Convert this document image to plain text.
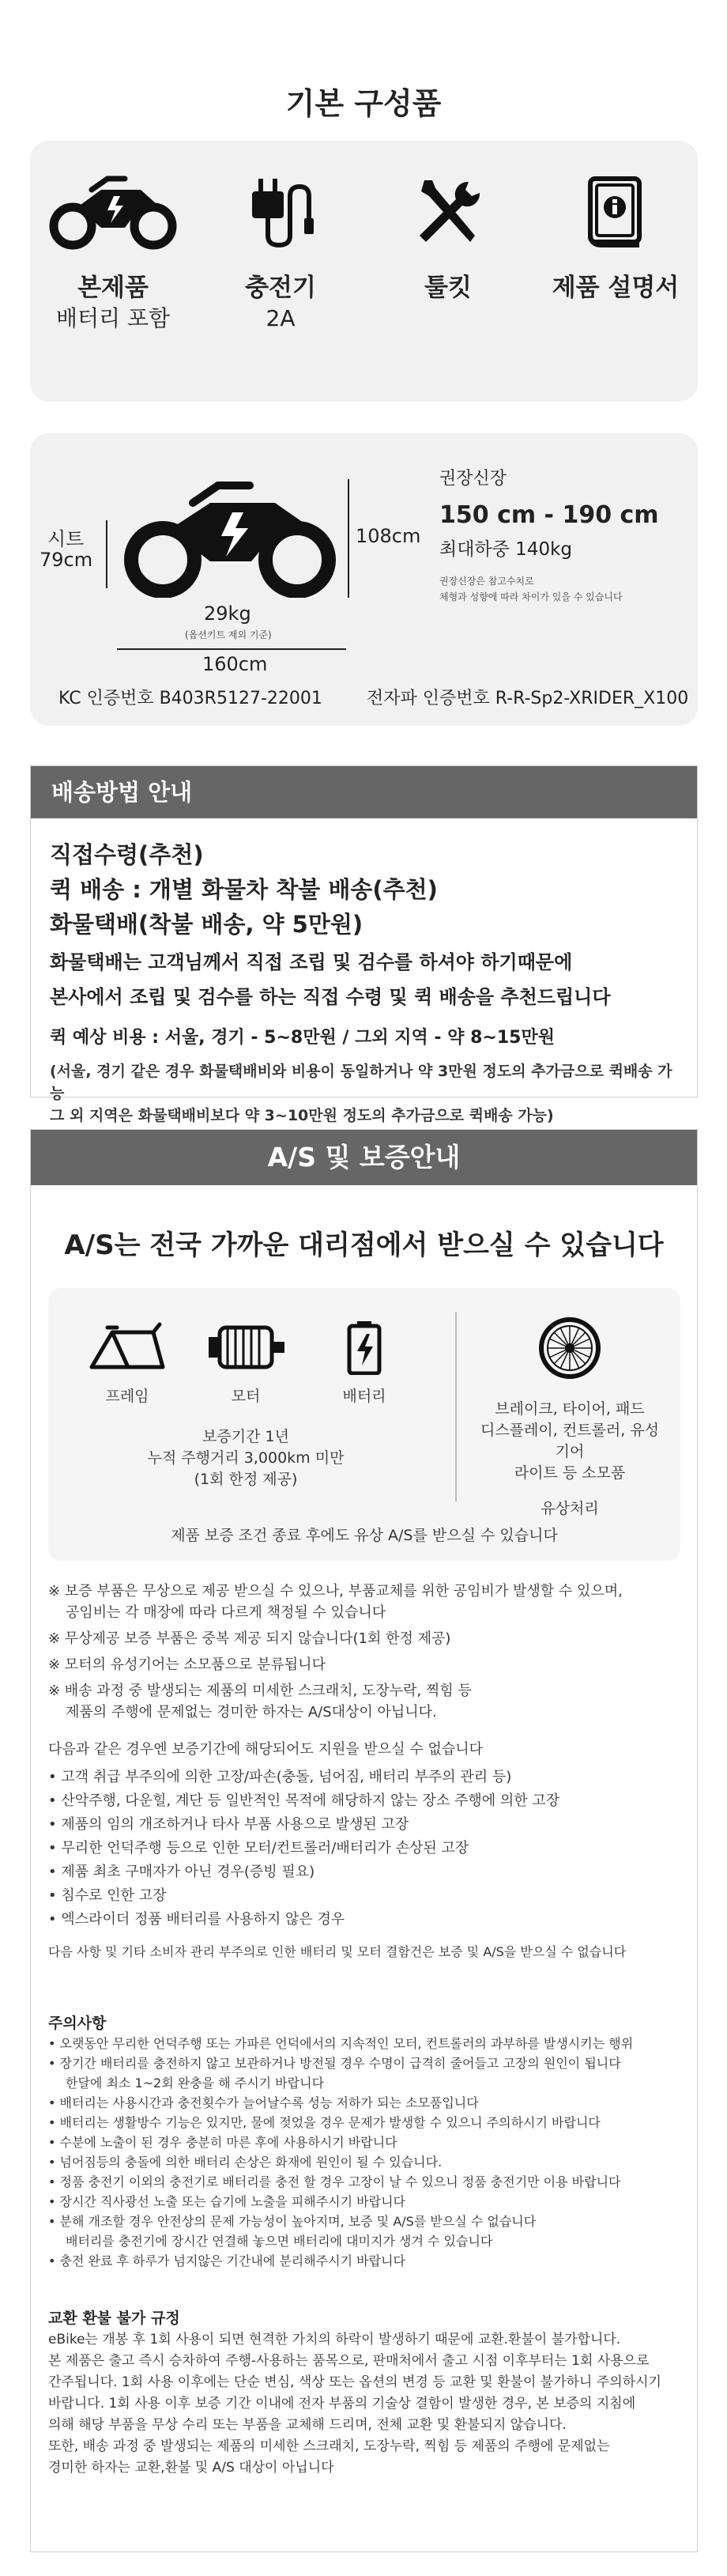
기본 구성품
본제품
배터리 포함
충전기
2A
툴킷	제품 설명서
시트
79cm
108cm
29kg
(옵션키트 제외 기준)
160cm
권장신장
150 cm - 190 cm
최대하중 140kg
권장신장은 참고수치로
체형과 성향에 따라 차이가 있을 수 있습니다
KC 인증번호 B403R5127-22001	전자파 인증번호 R-R-Sp2-XRIDER_X100
배송방법 안내
직접수령(추천)
퀵 배송 : 개별 화물차 착불 배송(추천)
화물택배(착불 배송, 약 5만원)
화물택배는 고객님께서 직접 조립 및 검수를 하셔야 하기때문에
본사에서 조립 및 검수를 하는 직접 수령 및 퀵 배송을 추천드립니다
퀵 예상 비용 : 서울, 경기 - 5~8만원 / 그외 지역 - 약 8~15만원
(서울, 경기 같은 경우 화물택배비와 비용이 동일하거나 약 3만원 정도의 추가금으로 퀵배송 가능
그 외 지역은 화물택배비보다 약 3~10만원 정도의 추가금으로 퀵배송 가능)
A/S 및 보증안내
A/S는 전국 가까운 대리점에서 받으실 수 있습니다
프레임	모터	배터리
보증기간 1년
누적 주행거리 3,000km 미만
(1회 한정 제공)
브레이크, 타이어, 패드
디스플레이, 컨트롤러, 유성기어
라이트 등 소모품
유상처리
제품 보증 조건 종료 후에도 유상 A/S를 받으실 수 있습니다
※ 보증 부품은 무상으로 제공 받으실 수 있으나, 부품교체를 위한 공임비가 발생할 수 있으며,
공임비는 각 매장에 따라 다르게 책정될 수 있습니다
※ 무상제공 보증 부품은 중복 제공 되지 않습니다(1회 한정 제공)
※ 모터의 유성기어는 소모품으로 분류됩니다
※ 배송 과정 중 발생되는 제품의 미세한 스크래치, 도장누락, 찍힘 등
제품의 주행에 문제없는 경미한 하자는 A/S대상이 아닙니다.
다음과 같은 경우엔 보증기간에 해당되어도 지원을 받으실 수 없습니다
• 고객 취급 부주의에 의한 고장/파손(충돌, 넘어짐, 배터리 부주의 관리 등)
• 산악주행, 다운힐, 계단 등 일반적인 목적에 해당하지 않는 장소 주행에 의한 고장
• 제품의 임의 개조하거나 타사 부품 사용으로 발생된 고장
• 무리한 언덕주행 등으로 인한 모터/컨트롤러/배터리가 손상된 고장
• 제품 최초 구매자가 아닌 경우(증빙 필요)
• 침수로 인한 고장
• 엑스라이더 정품 배터리를 사용하지 않은 경우
다음 사항 및 기타 소비자 관리 부주의로 인한 배터리 및 모터 결함건은 보증 및 A/S을 받으실 수 없습니다
주의사항
• 오랫동안 무리한 언덕주행 또는 가파른 언덕에서의 지속적인 모터, 컨트롤러의 과부하를 발생시키는 행위
• 장기간 배터리를 충전하지 않고 보관하거나 방전될 경우 수명이 급격히 줄어들고 고장의 원인이 됩니다
한달에 최소 1~2회 완충을 해 주시기 바랍니다
• 배터리는 사용시간과 충전횟수가 늘어날수록 성능 저하가 되는 소모품입니다
• 배터리는 생활방수 기능은 있지만, 물에 젖었을 경우 문제가 발생할 수 있으니 주의하시기 바랍니다
• 수분에 노출이 된 경우 충분히 마른 후에 사용하시기 바랍니다
• 넘어짐등의 충돌에 의한 배터리 손상은 화재에 원인이 될 수 있습니다.
• 정품 충전기 이외의 충전기로 배터리를 충전 할 경우 고장이 날 수 있으니 정품 충전기만 이용 바랍니다
• 장시간 직사광선 노출 또는 습기에 노출을 피해주시기 바랍니다
• 분해 개조할 경우 안전상의 문제 가능성이 높아지며, 보증 및 A/S를 받으실 수 없습니다
배터리를 충전기에 장시간 연결해 놓으면 배터리에 대미지가 생겨 수 있습니다
• 충전 완료 후 하루가 넘지않은 기간내에 분리해주시기 바랍니다
교환 환불 불가 규정
eBike는 개봉 후 1회 사용이 되면 현격한 가치의 하락이 발생하기 때문에 교환.환불이 불가합니다.
본 제품은 출고 즉시 승차하여 주행-사용하는 품목으로, 판매처에서 출고 시점 이후부터는 1회 사용으로
간주됩니다. 1회 사용 이후에는 단순 변심, 색상 또는 옵션의 변경 등 교환 및 환불이 불가하니 주의하시기
바랍니다. 1회 사용 이후 보증 기간 이내에 전자 부품의 기술상 결함이 발생한 경우, 본 보증의 지침에
의해 해당 부품을 무상 수리 또는 부품을 교체해 드리며, 전체 교환 및 환불되지 않습니다.
또한, 배송 과정 중 발생되는 제품의 미세한 스크래치, 도장누락, 찍힘 등 제품의 주행에 문제없는
경미한 하자는 교환,환불 및 A/S 대상이 아닙니다
